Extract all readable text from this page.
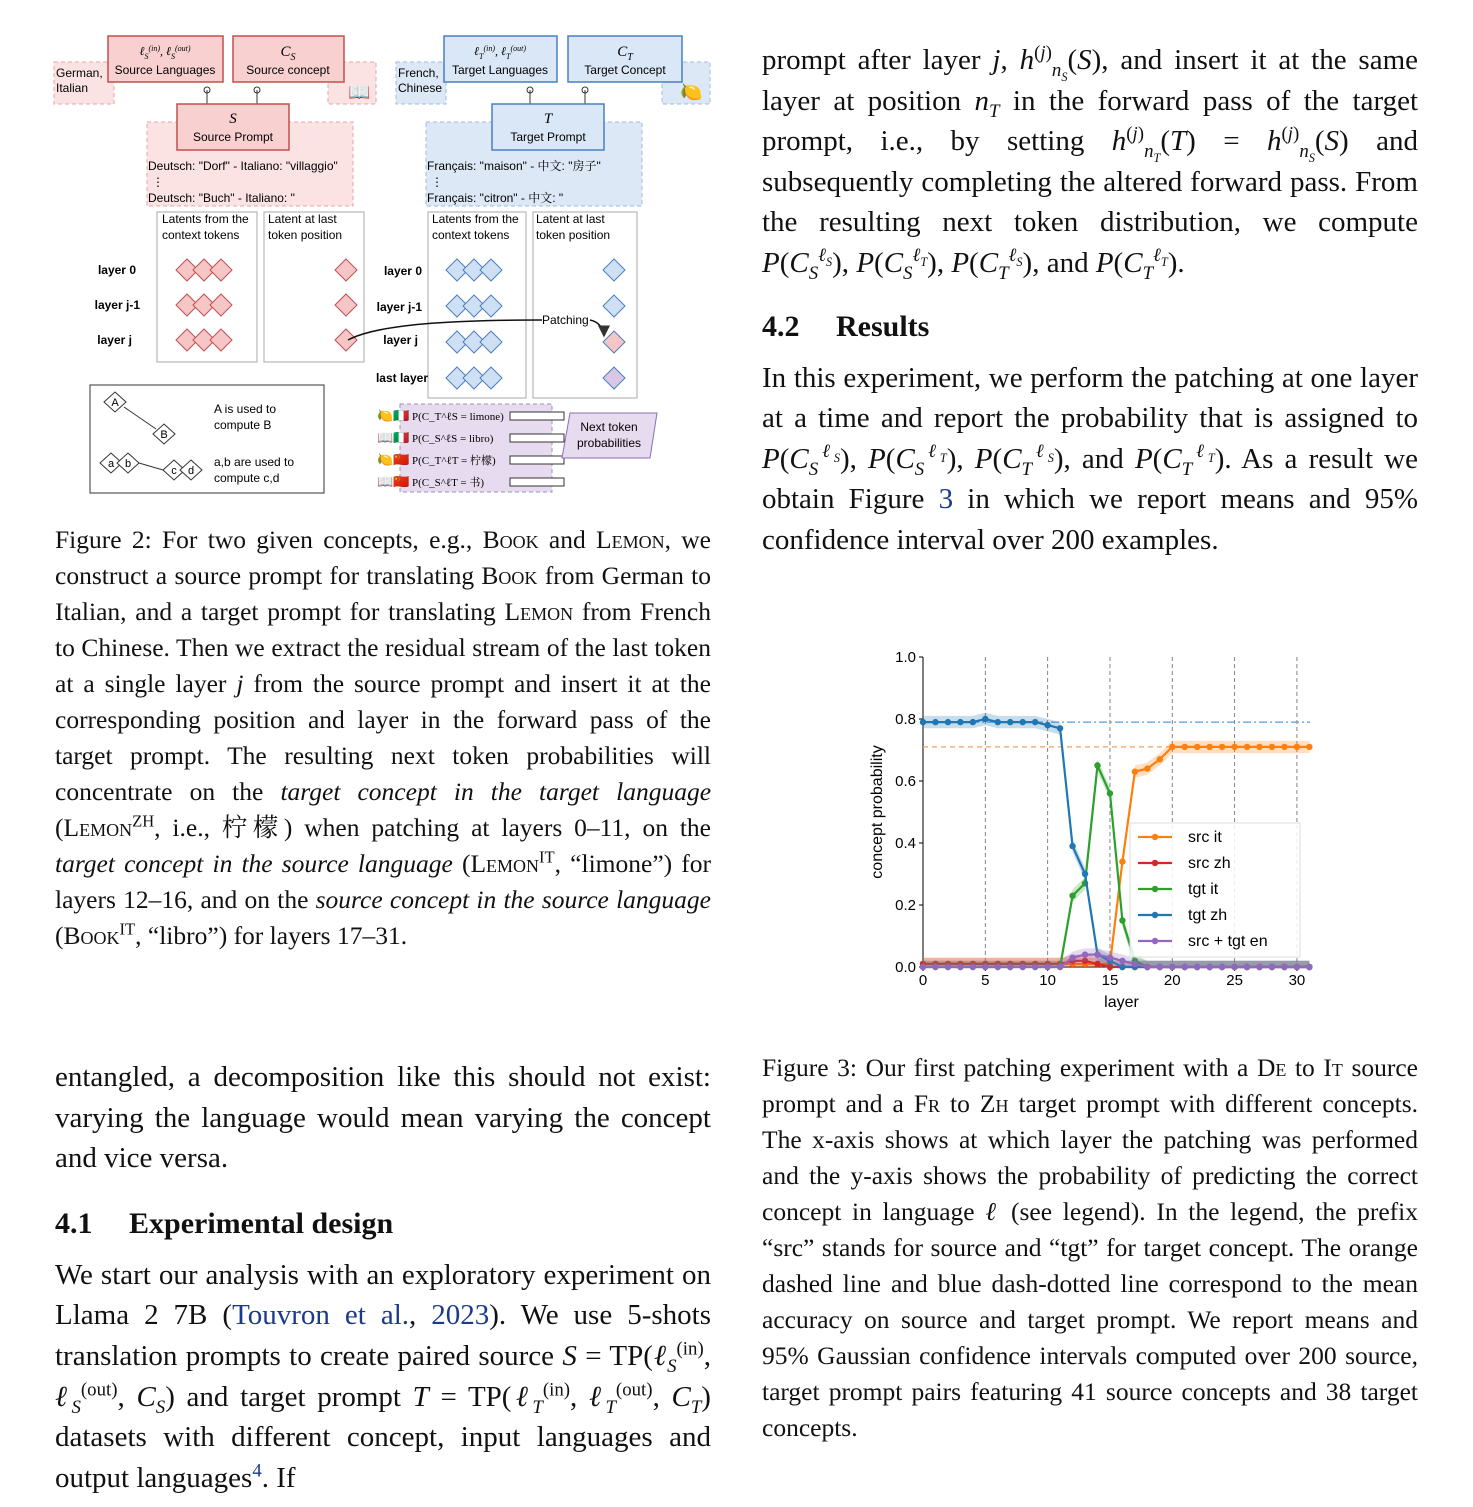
German,
Italian	📖
ℓ$_S^{(in)}$, ℓ$_S^{(out)}$
Source Languages
$C_S$
Source concept
S
Source Prompt
Deutsch: "Dorf" - Italiano: "villaggio"
⋮
Deutsch: "Buch" - Italiano: "
Latents from the
context tokens
Latent at last
token position
layer 0
layer j-1
layer j
French,
Chinese	🍋
ℓ$_T^{(in)}$, ℓ$_T^{(out)}$
Target Languages
$C_T$
Target Concept
T
Target Prompt
Français: "maison" - 中文: "房子"
⋮
Français: "citron" - 中文: "
Latents from the
context tokens
Latent at last
token position
layer 0
layer j-1
layer j
last layer
Patching
A
B
A is used to
compute B
a b
c d
a,b are used to
compute c,d
🍋🇮🇹
📖🇮🇹
🍋🇨🇳
📖🇨🇳
P(C_T^ℓS = limone)
P(C_S^ℓS = libro)
P(C_T^ℓT = 柠檬)
P(C_S^ℓT = 书)
Next token
probabilities

Figure 2: For two given concepts, e.g., Book and Lemon, we construct a source prompt for translating Book from German to Italian, and a target prompt for translating Lemon from French to Chinese. Then we extract the residual stream of the last token at a single layer j from the source prompt and insert it at the corresponding position and layer in the forward pass of the target prompt. The resulting next token probabilities will concentrate on the target concept in the target language (Lemon$^{ZH}$, i.e., 柠檬) when patching at layers 0–11, on the target concept in the source language (Lemon$^{IT}$, “limone”) for layers 12–16, and on the source concept in the source language (Book$^{IT}$, “libro”) for layers 17–31.

entangled, a decomposition like this should not exist: varying the language would mean varying the concept and vice versa.

4.1 Experimental design

We start our analysis with an exploratory experiment on Llama 2 7B (Touvron et al., 2023). We use 5-shots translation prompts to create paired source S = TP(ℓ$_S^{(in)}$, ℓ$_S^{(out)}$, $C_S$) and target prompt T = TP(ℓ$_T^{(in)}$, ℓ$_T^{(out)}$, $C_T$) datasets with different concept, input languages and output languages$^4$. If

prompt after layer j, $h^{(j)}_{n_S}(S)$, and insert it at the same layer at position $n_T$ in the forward pass of the target prompt, i.e., by setting $h^{(j)}_{n_T}(T) = h^{(j)}_{n_S}(S)$ and subsequently completing the altered forward pass. From the resulting next token distribution, we compute $P(C_S^{\ell_S})$, $P(C_S^{\ell_T})$, $P(C_T^{\ell_S})$, and $P(C_T^{\ell_T})$.

4.2 Results

In this experiment, we perform the patching at one layer at a time and report the probability that is assigned to $P(C_S^{\ell_S})$, $P(C_S^{\ell_T})$, $P(C_T^{\ell_S})$, and $P(C_T^{\ell_T})$. As a result we obtain Figure 3 in which we report means and 95% confidence interval over 200 examples.

0	5	10	15	20	25	30
0.0
0.2
0.4
0.6
0.8
1.0
layer
concept probability	src it
src zh
tgt it
tgt zh
src + tgt en

Figure 3: Our first patching experiment with a De to It source prompt and a Fr to Zh target prompt with different concepts. The x-axis shows at which layer the patching was performed and the y-axis shows the probability of predicting the correct concept in language ℓ (see legend). In the legend, the prefix “src” stands for source and “tgt” for target concept. The orange dashed line and blue dash-dotted line correspond to the mean accuracy on source and target prompt. We report means and 95% Gaussian confidence intervals computed over 200 source, target prompt pairs featuring 41 source concepts and 38 target concepts.
